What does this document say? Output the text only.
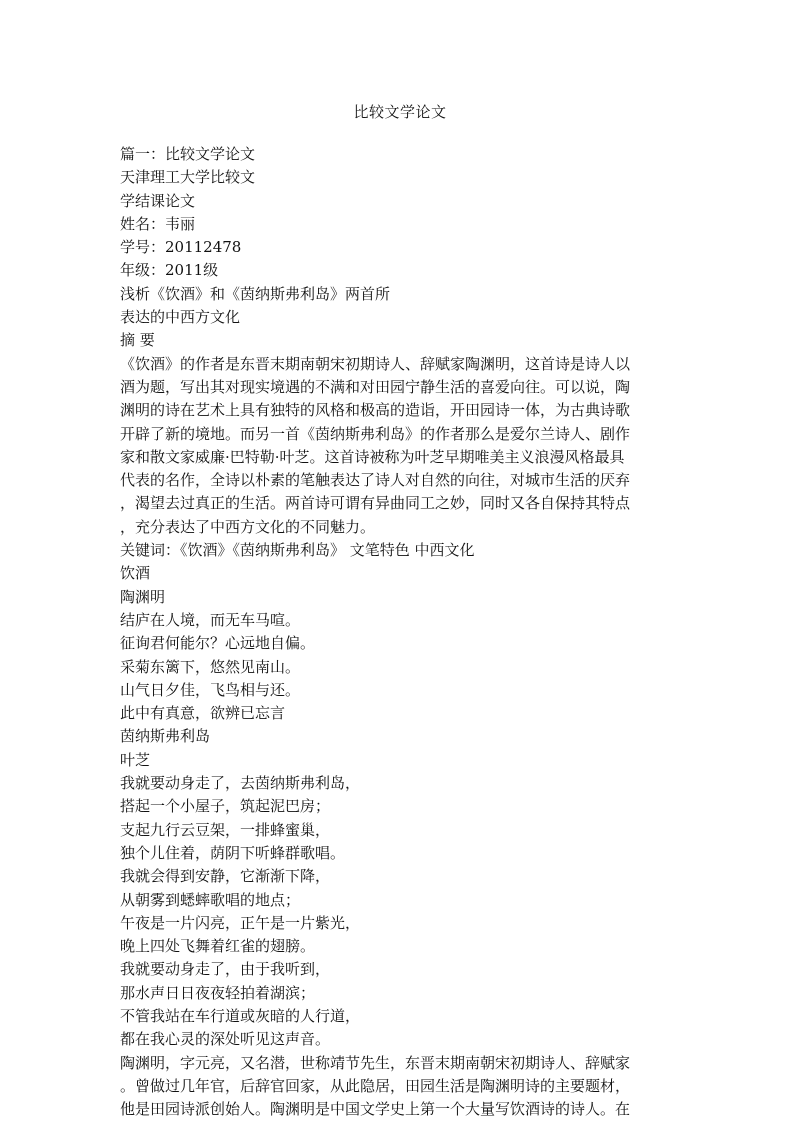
比较文学论文
篇一：比较文学论文
天津理工大学比较文
学结课论文
姓名：韦丽
学号：20112478
年级：2011级
浅析《饮酒》和《茵纳斯弗利岛》两首所
表达的中西方文化
摘 要
《饮酒》的作者是东晋末期南朝宋初期诗人、辞赋家陶渊明，这首诗是诗人以
酒为题，写出其对现实境遇的不满和对田园宁静生活的喜爱向往。可以说，陶
渊明的诗在艺术上具有独特的风格和极高的造诣，开田园诗一体，为古典诗歌
开辟了新的境地。而另一首《茵纳斯弗利岛》的作者那么是爱尔兰诗人、剧作
家和散文家威廉·巴特勒·叶芝。这首诗被称为叶芝早期唯美主义浪漫风格最具
代表的名作，全诗以朴素的笔触表达了诗人对自然的向往，对城市生活的厌弃
，渴望去过真正的生活。两首诗可谓有异曲同工之妙，同时又各自保持其特点
，充分表达了中西方文化的不同魅力。
关键词：《饮酒》《茵纳斯弗利岛》 文笔特色 中西文化
饮酒
陶渊明
结庐在人境，而无车马喧。
征询君何能尔？心远地自偏。
采菊东篱下，悠然见南山。
山气日夕佳，飞鸟相与还。
此中有真意，欲辨已忘言
茵纳斯弗利岛
叶芝
我就要动身走了，去茵纳斯弗利岛，
搭起一个小屋子，筑起泥巴房；
支起九行云豆架，一排蜂蜜巢，
独个儿住着，荫阴下听蜂群歌唱。
我就会得到安静，它渐渐下降，
从朝雾到蟋蟀歌唱的地点；
午夜是一片闪亮，正午是一片紫光，
晚上四处飞舞着红雀的翅膀。
我就要动身走了，由于我听到，
那水声日日夜夜轻拍着湖滨；
不管我站在车行道或灰暗的人行道，
都在我心灵的深处听见这声音。
陶渊明，字元亮，又名潜，世称靖节先生，东晋末期南朝宋初期诗人、辞赋家
。曾做过几年官，后辞官回家，从此隐居，田园生活是陶渊明诗的主要题材，
他是田园诗派创始人。陶渊明是中国文学史上第一个大量写饮酒诗的诗人。在
